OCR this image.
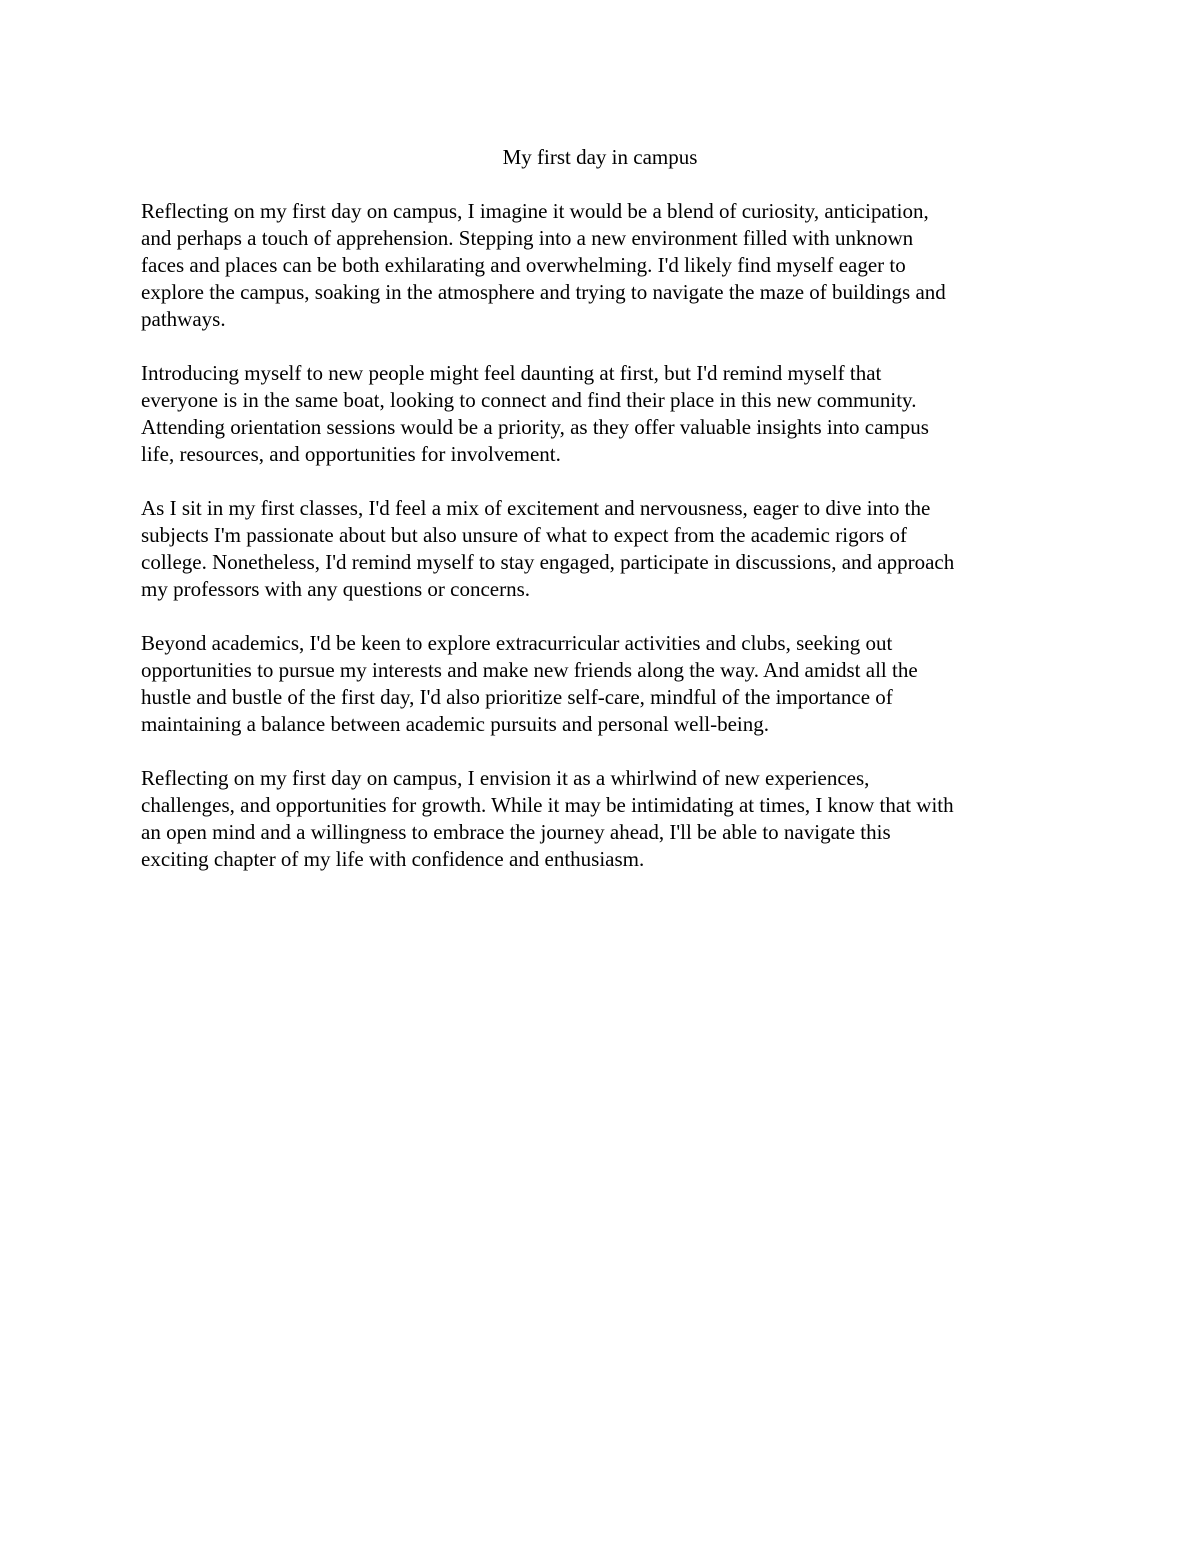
My first day in campus

Reflecting on my first day on campus, I imagine it would be a blend of curiosity, anticipation,
and perhaps a touch of apprehension. Stepping into a new environment filled with unknown
faces and places can be both exhilarating and overwhelming. I'd likely find myself eager to
explore the campus, soaking in the atmosphere and trying to navigate the maze of buildings and
pathways.

Introducing myself to new people might feel daunting at first, but I'd remind myself that
everyone is in the same boat, looking to connect and find their place in this new community.
Attending orientation sessions would be a priority, as they offer valuable insights into campus
life, resources, and opportunities for involvement.

As I sit in my first classes, I'd feel a mix of excitement and nervousness, eager to dive into the
subjects I'm passionate about but also unsure of what to expect from the academic rigors of
college. Nonetheless, I'd remind myself to stay engaged, participate in discussions, and approach
my professors with any questions or concerns.

Beyond academics, I'd be keen to explore extracurricular activities and clubs, seeking out
opportunities to pursue my interests and make new friends along the way. And amidst all the
hustle and bustle of the first day, I'd also prioritize self-care, mindful of the importance of
maintaining a balance between academic pursuits and personal well-being.

Reflecting on my first day on campus, I envision it as a whirlwind of new experiences,
challenges, and opportunities for growth. While it may be intimidating at times, I know that with
an open mind and a willingness to embrace the journey ahead, I'll be able to navigate this
exciting chapter of my life with confidence and enthusiasm.
